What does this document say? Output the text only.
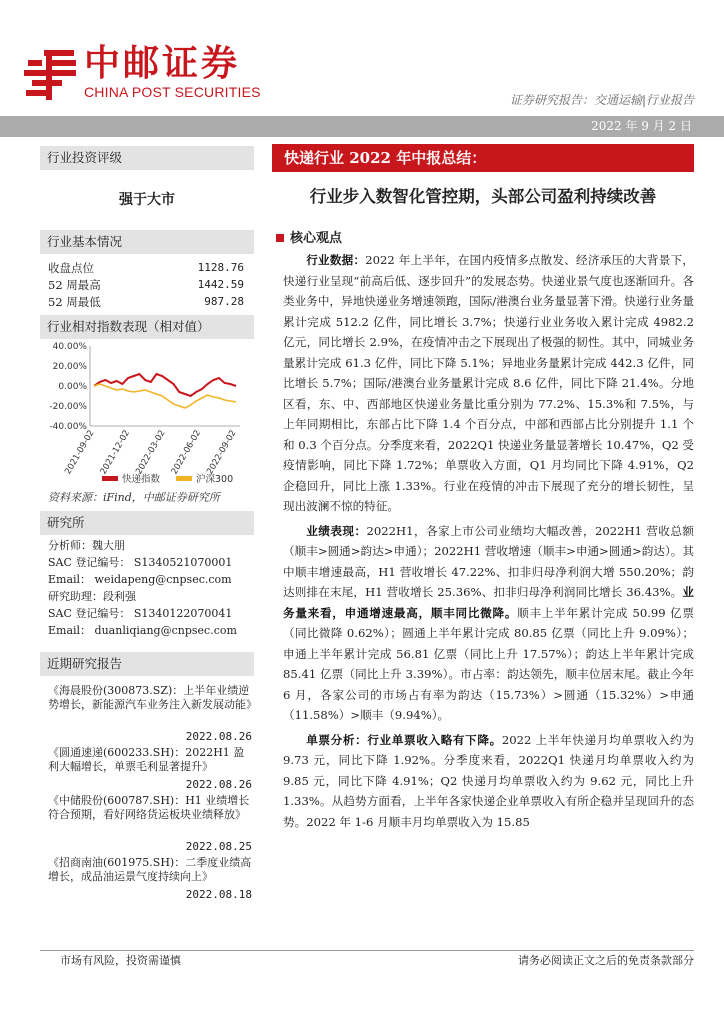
中邮证券
CHINA POST SECURITIES	证券研究报告：交通运输|行业报告
2022 年 9 月 2 日
行业投资评级
强于大市
行业基本情况
收盘点位	1128.76
52 周最高	1442.59
52 周最低	987.28
行业相对指数表现（相对值）
40.00%
20.00%
0.00%
-20.00%
-40.00%
2021-09-02 2021-12-02 2022-03-02 2022-06-02 2022-09-02
快递指数	沪深300
资料来源：iFind，中邮证券研究所
研究所
分析师：魏大朋
SAC 登记编号： S1340521070001
Email： weidapeng@cnpsec.com
研究助理：段利强
SAC 登记编号： S1340122070041
Email： duanliqiang@cnpsec.com
近期研究报告
《海晨股份(300873.SZ)：上半年业绩逆势增长，新能源汽车业务注入新发展动能》
2022.08.26
《圆通速递(600233.SH)：2022H1 盈利大幅增长，单票毛利显著提升》
2022.08.26
《中储股份(600787.SH)：H1 业绩增长符合预期，看好网络货运板块业绩释放》
2022.08.25
《招商南油(601975.SH)：二季度业绩高增长，成品油运景气度持续向上》
2022.08.18
快递行业 2022 年中报总结：
行业步入数智化管控期，头部公司盈利持续改善
核心观点

行业数据：2022 年上半年，在国内疫情多点散发、经济承压的大背景下，快递行业呈现“前高后低、逐步回升”的发展态势。快递业景气度也逐渐回升。各类业务中，异地快递业务增速领跑，国际/港澳台业务量显著下滑。快递行业务量累计完成 512.2 亿件，同比增长 3.7%；快递行业业务收入累计完成 4982.2 亿元，同比增长 2.9%，在疫情冲击之下展现出了极强的韧性。其中，同城业务量累计完成 61.3 亿件，同比下降 5.1%；异地业务量累计完成 442.3 亿件，同比增长 5.7%；国际/港澳台业务量累计完成 8.6 亿件，同比下降 21.4%。分地区看，东、中、西部地区快递业务量比重分别为 77.2%、15.3%和 7.5%，与上年同期相比，东部占比下降 1.4 个百分点，中部和西部占比分别提升 1.1 个和 0.3 个百分点。分季度来看，2022Q1 快递业务量显著增长 10.47%，Q2 受疫情影响，同比下降 1.72%；单票收入方面，Q1 月均同比下降 4.91%，Q2 企稳回升，同比上涨 1.33%。行业在疫情的冲击下展现了充分的增长韧性，呈现出波澜不惊的特征。

业绩表现：2022H1，各家上市公司业绩均大幅改善，2022H1 营收总额（顺丰>圆通>韵达>申通）；2022H1 营收增速（顺丰>申通>圆通>韵达）。其中顺丰增速最高，H1 营收增长 47.22%、扣非归母净利润大增 550.20%；韵达则排在末尾，H1 营收增长 25.36%、扣非归母净利润同比增长 36.43%。业务量来看，申通增速最高，顺丰同比微降。顺丰上半年累计完成 50.99 亿票（同比微降 0.62%）；圆通上半年累计完成 80.85 亿票（同比上升 9.09%）；申通上半年累计完成 56.81 亿票（同比上升 17.57%）；韵达上半年累计完成 85.41 亿票（同比上升 3.39%）。市占率：韵达领先，顺丰位居末尾。截止今年 6 月，各家公司的市场占有率为韵达（15.73%）>圆通（15.32%）>申通（11.58%）>顺丰（9.94%）。

单票分析：行业单票收入略有下降。2022 上半年快递月均单票收入约为 9.73 元，同比下降 1.92%。分季度来看，2022Q1 快递月均单票收入约为 9.85 元，同比下降 4.91%；Q2 快递月均单票收入约为 9.62 元，同比上升 1.33%。从趋势方面看，上半年各家快递企业单票收入有所企稳并呈现回升的态势。2022 年 1-6 月顺丰月均单票收入为 15.85

市场有风险，投资需谨慎	请务必阅读正文之后的免责条款部分
